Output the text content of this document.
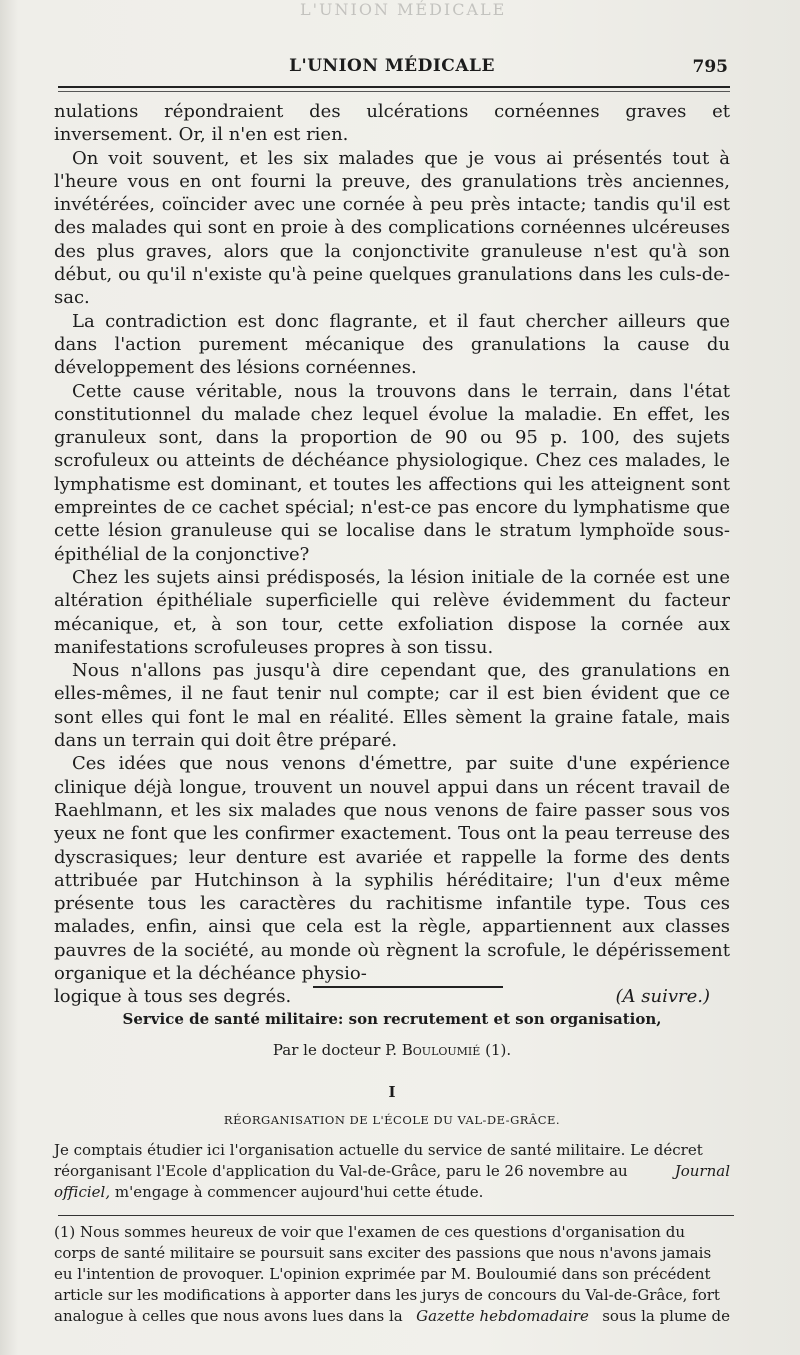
L'UNION MÉDICALE
L'UNION MÉDICALE	795

nulations répondraient des ulcérations cornéennes graves et inversement. Or, il n'en est rien.

On voit souvent, et les six malades que je vous ai présentés tout à l'heure vous en ont fourni la preuve, des granulations très anciennes, invétérées, coïncider avec une cornée à peu près intacte; tandis qu'il est des malades qui sont en proie à des complications cornéennes ulcéreuses des plus graves, alors que la conjonctivite granuleuse n'est qu'à son début, ou qu'il n'existe qu'à peine quelques granulations dans les culs-de-sac.

La contradiction est donc flagrante, et il faut chercher ailleurs que dans l'action purement mécanique des granulations la cause du développement des lésions cornéennes.

Cette cause véritable, nous la trouvons dans le terrain, dans l'état constitutionnel du malade chez lequel évolue la maladie. En effet, les granuleux sont, dans la proportion de 90 ou 95 p. 100, des sujets scrofuleux ou atteints de déchéance physiologique. Chez ces malades, le lymphatisme est dominant, et toutes les affections qui les atteignent sont empreintes de ce cachet spécial; n'est-ce pas encore du lymphatisme que cette lésion granuleuse qui se localise dans le stratum lymphoïde sous-épithélial de la conjonctive?

Chez les sujets ainsi prédisposés, la lésion initiale de la cornée est une altération épithéliale superficielle qui relève évidemment du facteur mécanique, et, à son tour, cette exfoliation dispose la cornée aux manifestations scrofuleuses propres à son tissu.

Nous n'allons pas jusqu'à dire cependant que, des granulations en elles-mêmes, il ne faut tenir nul compte; car il est bien évident que ce sont elles qui font le mal en réalité. Elles sèment la graine fatale, mais dans un terrain qui doit être préparé.

Ces idées que nous venons d'émettre, par suite d'une expérience clinique déjà longue, trouvent un nouvel appui dans un récent travail de Raehlmann, et les six malades que nous venons de faire passer sous vos yeux ne font que les confirmer exactement. Tous ont la peau terreuse des dyscrasiques; leur denture est avariée et rappelle la forme des dents attribuée par Hutchinson à la syphilis héréditaire; l'un d'eux même présente tous les caractères du rachitisme infantile type. Tous ces malades, enfin, ainsi que cela est la règle, appartiennent aux classes pauvres de la société, au monde où règnent la scrofule, le dépérissement organique et la déchéance physio-

logique à tous ses degrés.	(A suivre.)
Service de santé militaire: son recrutement et son organisation,
Par le docteur P. Bouloumié (1).
I
RÉORGANISATION DE L'ÉCOLE DU VAL-DE-GRÂCE.
Je comptais étudier ici l'organisation actuelle du service de santé militaire. Le décret
réorganisant l'Ecole d'application du Val-de-Grâce, paru le 26 novembre au	Journal
officiel, m'engage à commencer aujourd'hui cette étude.
(1) Nous sommes heureux de voir que l'examen de ces questions d'organisation du
corps de santé militaire se poursuit sans exciter des passions que nous n'avons jamais
eu l'intention de provoquer. L'opinion exprimée par M. Bouloumié dans son précédent
article sur les modifications à apporter dans les jurys de concours du Val-de-Grâce, fort
analogue à celles que nous avons lues dans la Gazette hebdomadaire sous la plume de
